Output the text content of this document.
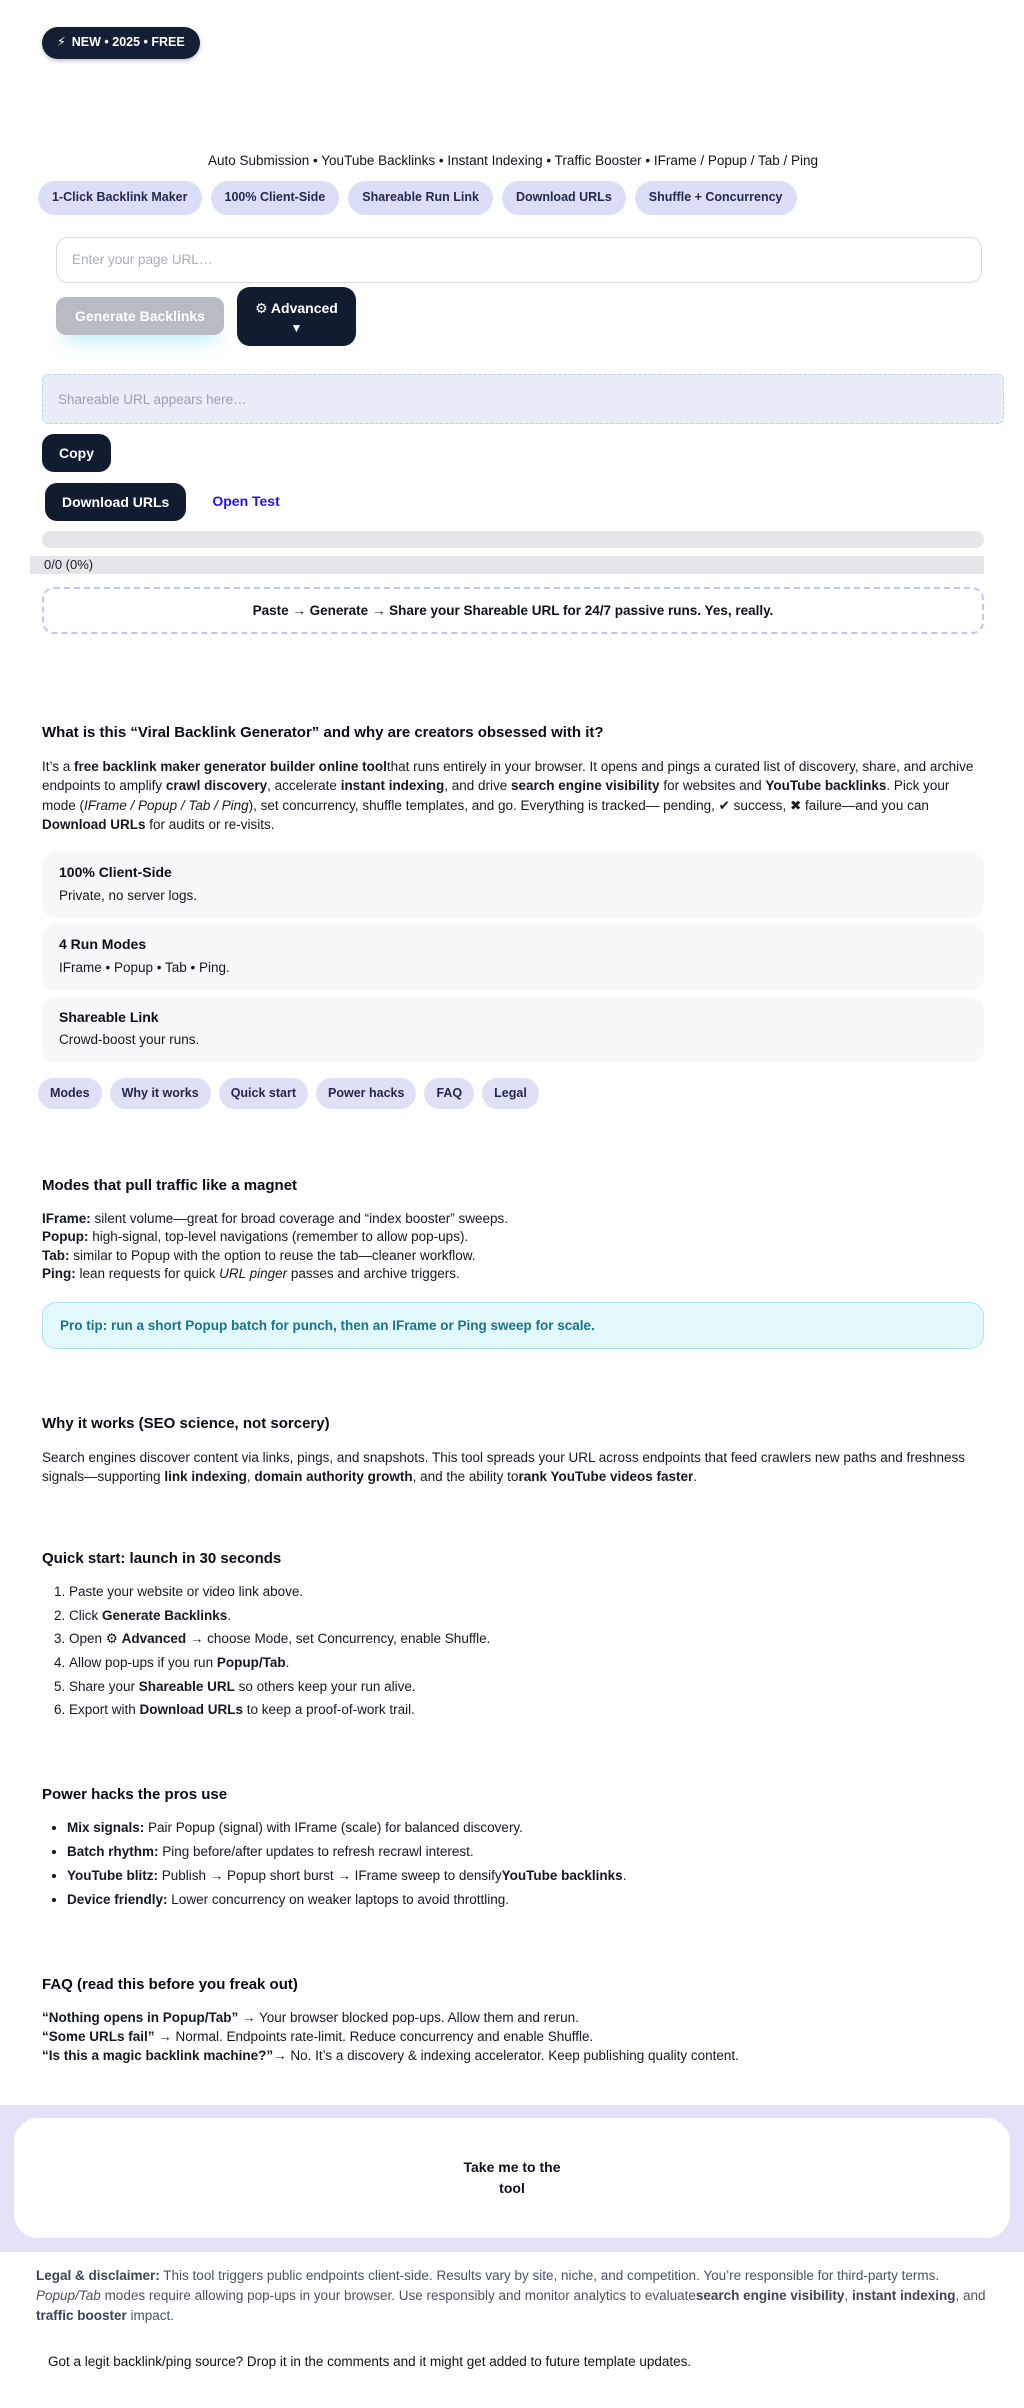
⚡ NEW • 2025 • FREE
Auto Submission • YouTube Backlinks • Instant Indexing • Traffic Booster • IFrame / Popup / Tab / Ping
1-Click Backlink Maker	100% Client-Side	Shareable Run Link	Download URLs	Shuffle + Concurrency
Enter your page URL…
Generate Backlinks
⚙ Advanced
▼
Shareable URL appears here…
Copy
Download URLs	Open Test
0/0 (0%)
Paste → Generate → Share your Shareable URL for 24/7 passive runs. Yes, really.
What is this “Viral Backlink Generator” and why are creators obsessed with it?

It’s a free backlink maker generator builder online toolthat runs entirely in your browser. It opens and pings a curated list of discovery, share, and archive endpoints to amplify crawl discovery, accelerate instant indexing, and drive search engine visibility for websites and YouTube backlinks. Pick your mode (IFrame / Popup / Tab / Ping), set concurrency, shuffle templates, and go. Everything is tracked— pending, ✔ success, ✖ failure—and you can Download URLs for audits or re-visits.

100% Client-Side
Private, no server logs.
4 Run Modes
IFrame • Popup • Tab • Ping.
Shareable Link
Crowd-boost your runs.
Modes	Why it works	Quick start	Power hacks	FAQ	Legal
Modes that pull traffic like a magnet
IFrame: silent volume—great for broad coverage and “index booster” sweeps.
Popup: high-signal, top-level navigations (remember to allow pop-ups).
Tab: similar to Popup with the option to reuse the tab—cleaner workflow.
Ping: lean requests for quick URL pinger passes and archive triggers.
Pro tip: run a short Popup batch for punch, then an IFrame or Ping sweep for scale.
Why it works (SEO science, not sorcery)

Search engines discover content via links, pings, and snapshots. This tool spreads your URL across endpoints that feed crawlers new paths and freshness signals—supporting link indexing, domain authority growth, and the ability torank YouTube videos faster.

Quick start: launch in 30 seconds
1. Paste your website or video link above.
2. Click Generate Backlinks.
3. Open ⚙ Advanced → choose Mode, set Concurrency, enable Shuffle.
4. Allow pop-ups if you run Popup/Tab.
5. Share your Shareable URL so others keep your run alive.
6. Export with Download URLs to keep a proof-of-work trail.
Power hacks the pros use
• Mix signals: Pair Popup (signal) with IFrame (scale) for balanced discovery.
• Batch rhythm: Ping before/after updates to refresh recrawl interest.
• YouTube blitz: Publish → Popup short burst → IFrame sweep to densifyYouTube backlinks.
• Device friendly: Lower concurrency on weaker laptops to avoid throttling.
FAQ (read this before you freak out)
“Nothing opens in Popup/Tab” → Your browser blocked pop-ups. Allow them and rerun.
“Some URLs fail” → Normal. Endpoints rate-limit. Reduce concurrency and enable Shuffle.
“Is this a magic backlink machine?”→ No. It’s a discovery & indexing accelerator. Keep publishing quality content.
Take me to the tool
Legal & disclaimer: This tool triggers public endpoints client-side. Results vary by site, niche, and competition. You’re responsible for third-party terms. Popup/Tab modes require allowing pop-ups in your browser. Use responsibly and monitor analytics to evaluatesearch engine visibility, instant indexing, and traffic booster impact.
Got a legit backlink/ping source? Drop it in the comments and it might get added to future template updates.
